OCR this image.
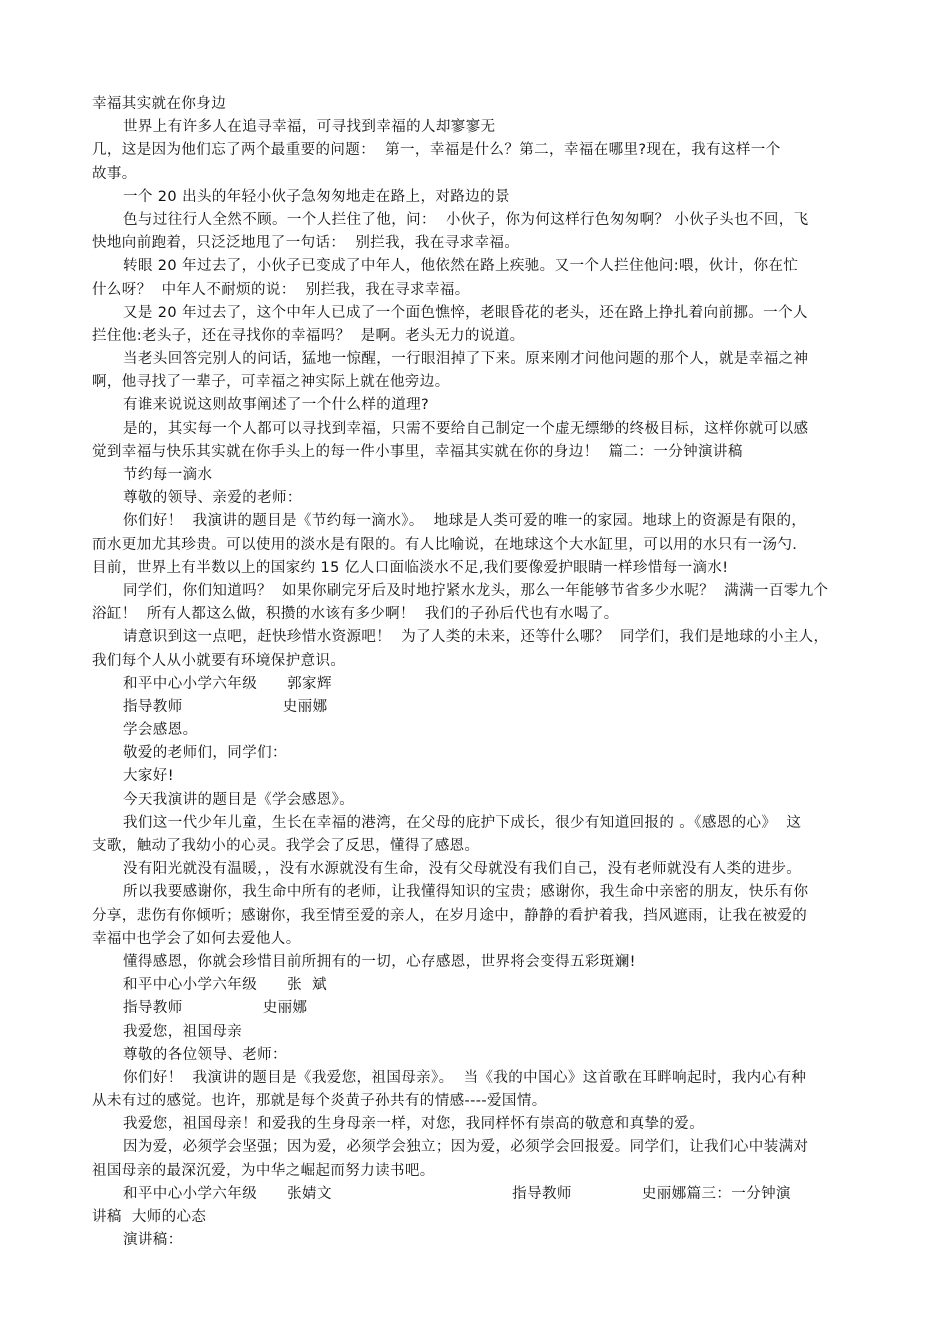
幸福其实就在你身边
世界上有许多人在追寻幸福，可寻找到幸福的人却寥寥无
几，这是因为他们忘了两个最重要的问题：  第一，幸福是什么？第二，幸福在哪里?现在，我有这样一个
故事。
一个 20 出头的年轻小伙子急匆匆地走在路上，对路边的景
色与过往行人全然不顾。一个人拦住了他，问：  小伙子，你为何这样行色匆匆啊？ 小伙子头也不回，飞
快地向前跑着，只泛泛地甩了一句话：  别拦我，我在寻求幸福。
转眼 20 年过去了，小伙子已变成了中年人，他依然在路上疾驰。又一个人拦住他问:喂，伙计，你在忙
什么呀？  中年人不耐烦的说：  别拦我，我在寻求幸福。
又是 20 年过去了，这个中年人已成了一个面色憔悴，老眼昏花的老头，还在路上挣扎着向前挪。一个人
拦住他:老头子，还在寻找你的幸福吗？  是啊。老头无力的说道。
当老头回答完别人的问话，猛地一惊醒，一行眼泪掉了下来。原来刚才问他问题的那个人，就是幸福之神
啊，他寻找了一辈子，可幸福之神实际上就在他旁边。
有谁来说说这则故事阐述了一个什么样的道理?
是的，其实每一个人都可以寻找到幸福，只需不要给自己制定一个虚无缥缈的终极目标，这样你就可以感
觉到幸福与快乐其实就在你手头上的每一件小事里，幸福其实就在你的身边！  篇二：一分钟演讲稿
节约每一滴水
尊敬的领导、亲爱的老师：
你们好！  我演讲的题目是《节约每一滴水》。  地球是人类可爱的唯一的家园。地球上的资源是有限的，
而水更加尤其珍贵。可以使用的淡水是有限的。有人比喻说，在地球这个大水缸里，可以用的水只有一汤勺.
目前，世界上有半数以上的国家约 15 亿人口面临淡水不足,我们要像爱护眼睛一样珍惜每一滴水!
同学们，你们知道吗？  如果你刷完牙后及时地拧紧水龙头，那么一年能够节省多少水呢？  满满一百零九个
浴缸！  所有人都这么做，积攒的水该有多少啊！  我们的子孙后代也有水喝了。
请意识到这一点吧，赶快珍惜水资源吧！  为了人类的未来，还等什么哪？  同学们，我们是地球的小主人，
我们每个人从小就要有环境保护意识。
和平中心小学六年级      郭家辉
指导教师                    史丽娜
学会感恩。
敬爱的老师们，同学们：
大家好!
今天我演讲的题目是《学会感恩》。
我们这一代少年儿童，生长在幸福的港湾，在父母的庇护下成长，很少有知道回报的 。《感恩的心》  这
支歌，触动了我幼小的心灵。我学会了反思，懂得了感恩。
没有阳光就没有温暖，，没有水源就没有生命，没有父母就没有我们自己，没有老师就没有人类的进步。
所以我要感谢你，我生命中所有的老师，让我懂得知识的宝贵；感谢你，我生命中亲密的朋友，快乐有你
分享，悲伤有你倾听；感谢你，我至情至爱的亲人，在岁月途中，静静的看护着我，挡风遮雨，让我在被爱的
幸福中也学会了如何去爱他人。
懂得感恩，你就会珍惜目前所拥有的一切，心存感恩，世界将会变得五彩斑斓!
和平中心小学六年级      张  斌
指导教师                史丽娜
我爱您，祖国母亲
尊敬的各位领导、老师：
你们好！  我演讲的题目是《我爱您，祖国母亲》。  当《我的中国心》这首歌在耳畔响起时，我内心有种
从未有过的感觉。也许，那就是每个炎黄子孙共有的情感----爱国情。
我爱您，祖国母亲！和爱我的生身母亲一样，对您，我同样怀有崇高的敬意和真挚的爱。
因为爱，必须学会坚强；因为爱，必须学会独立；因为爱，必须学会回报爱。同学们，让我们心中装满对
祖国母亲的最深沉爱，为中华之崛起而努力读书吧。
和平中心小学六年级      张婧文                                    指导教师              史丽娜篇三：一分钟演
讲稿  大师的心态
演讲稿：
